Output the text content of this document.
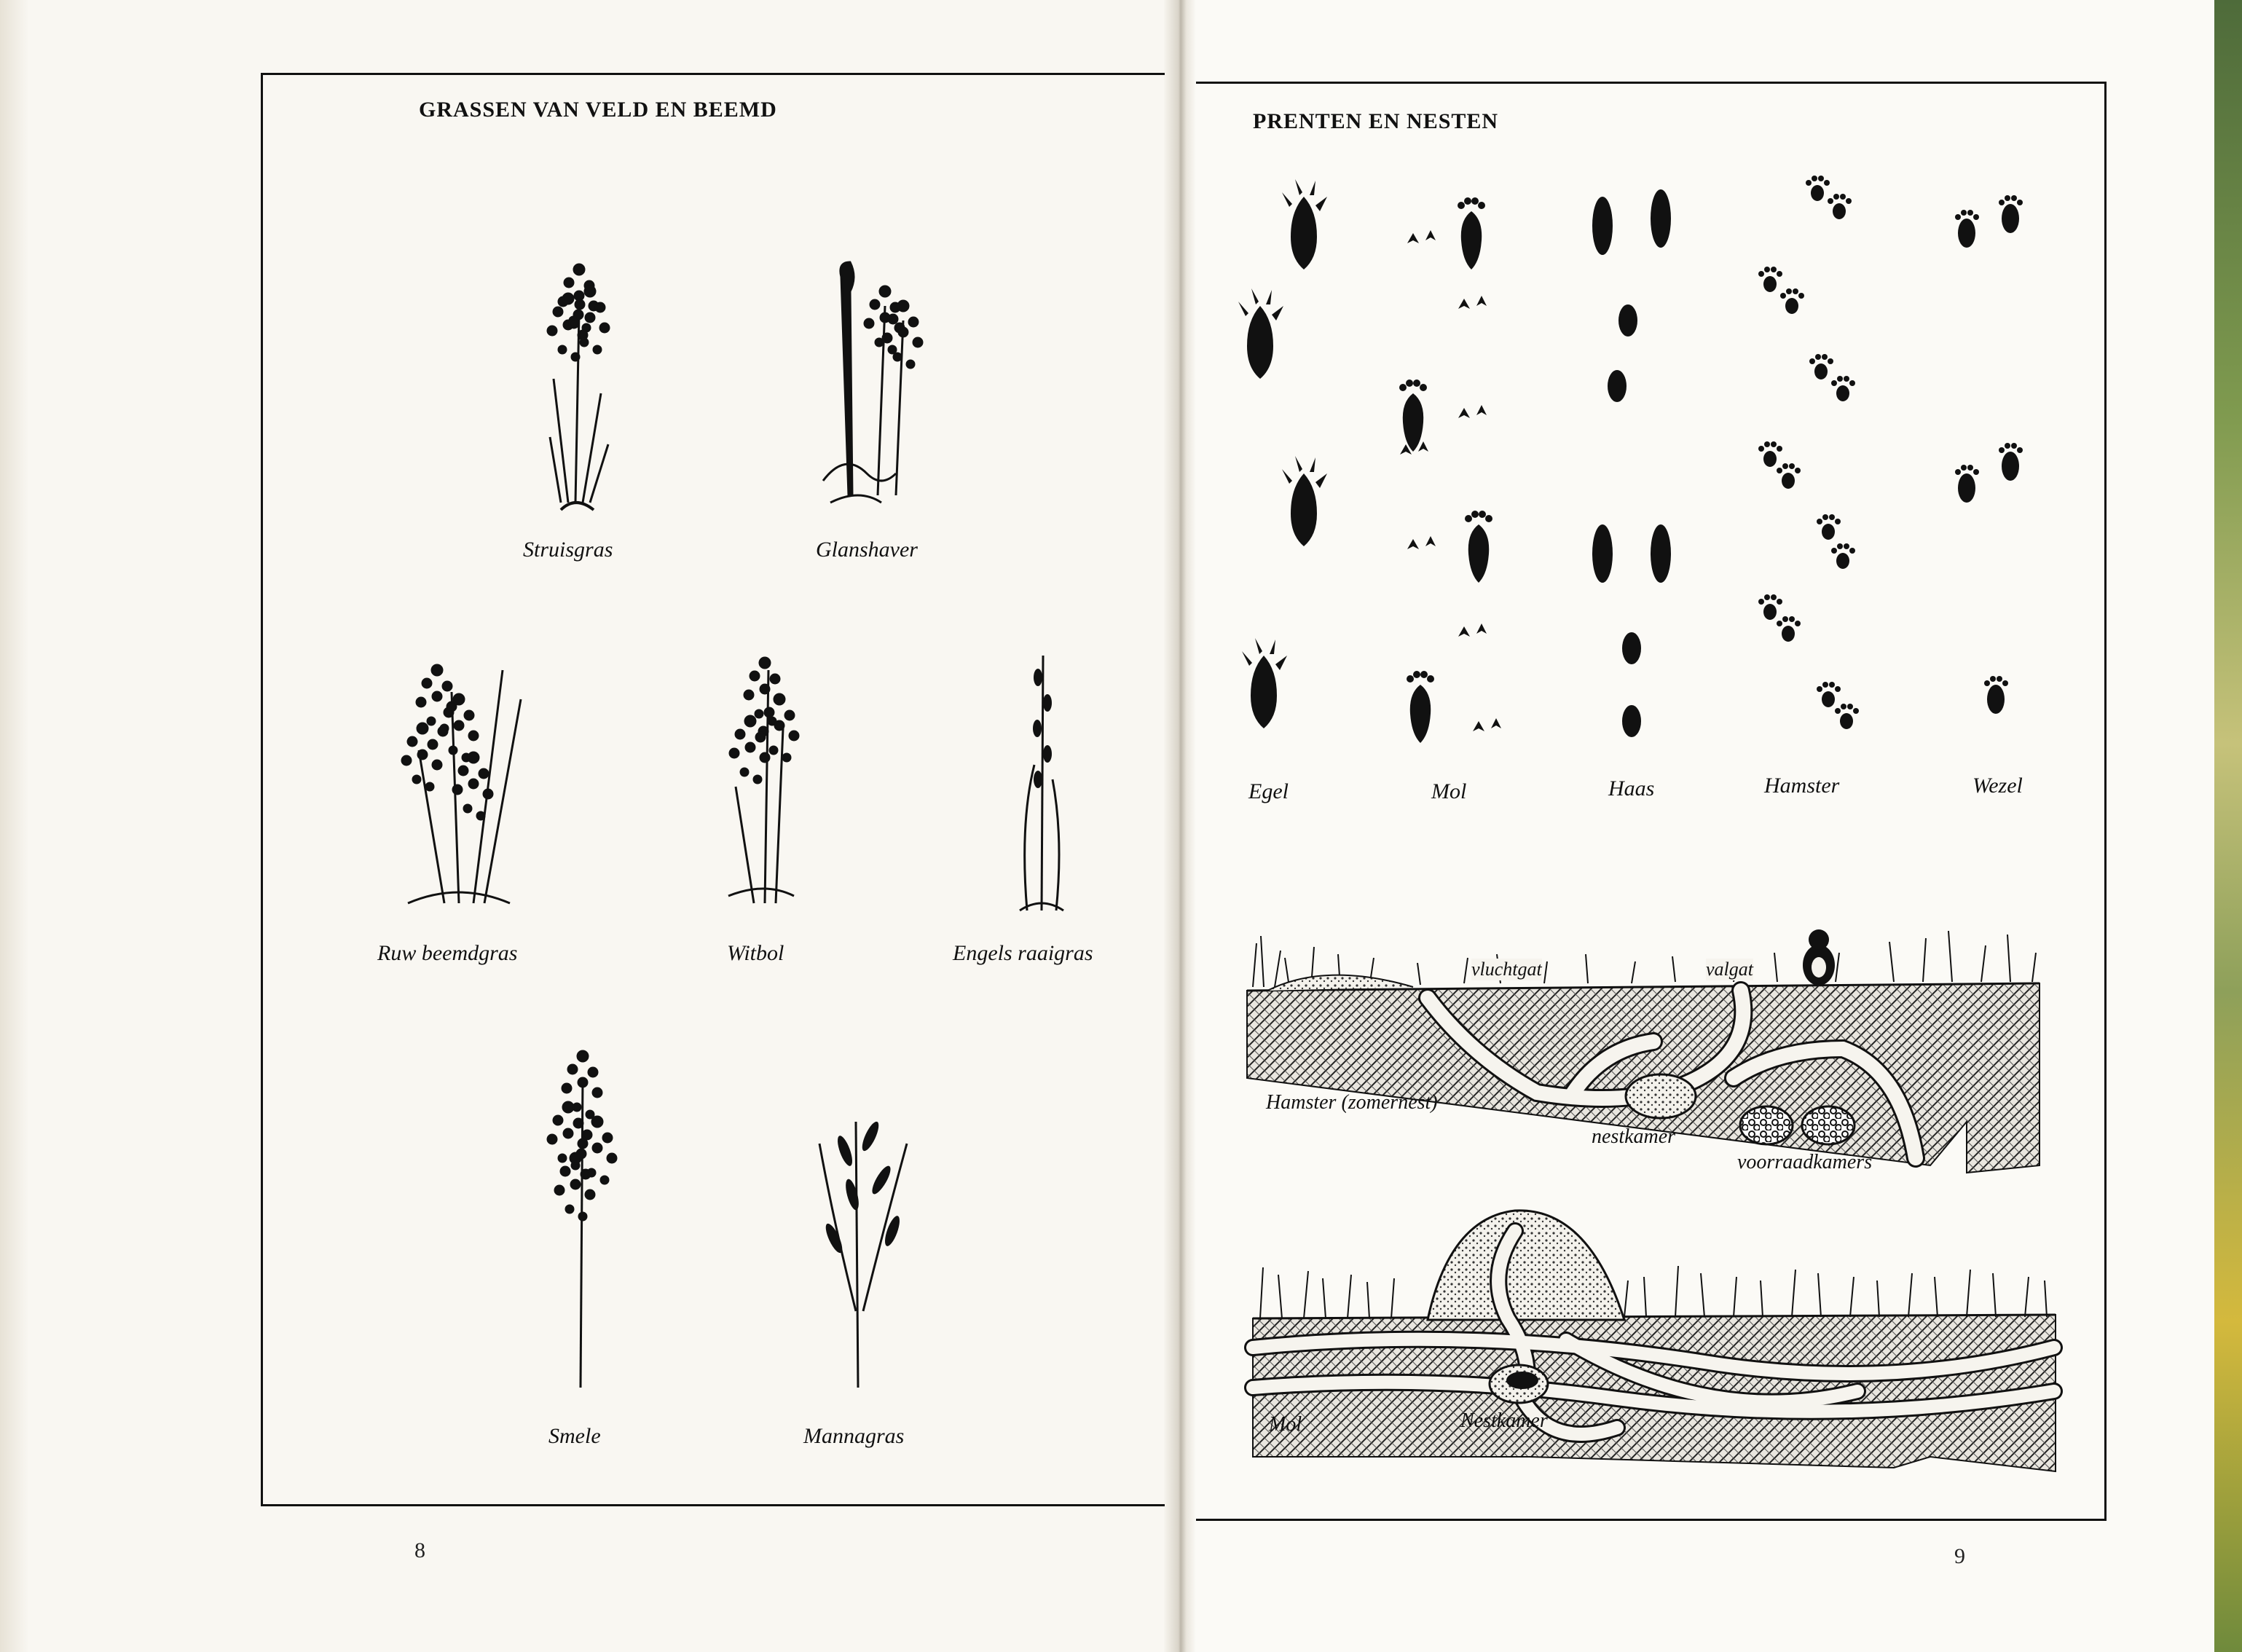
GRASSEN VAN VELD EN BEEMD
Struisgras	Glanshaver
Ruw beemdgras	Witbol	Engels raaigras
Smele	Mannagras
8
PRENTEN EN NESTEN
Egel	Mol	Haas	Hamster	Wezel
vluchtgat	valgat
Hamster (zomernest)
nestkamer
voorraadkamers
Mol	Nestkamer
9
